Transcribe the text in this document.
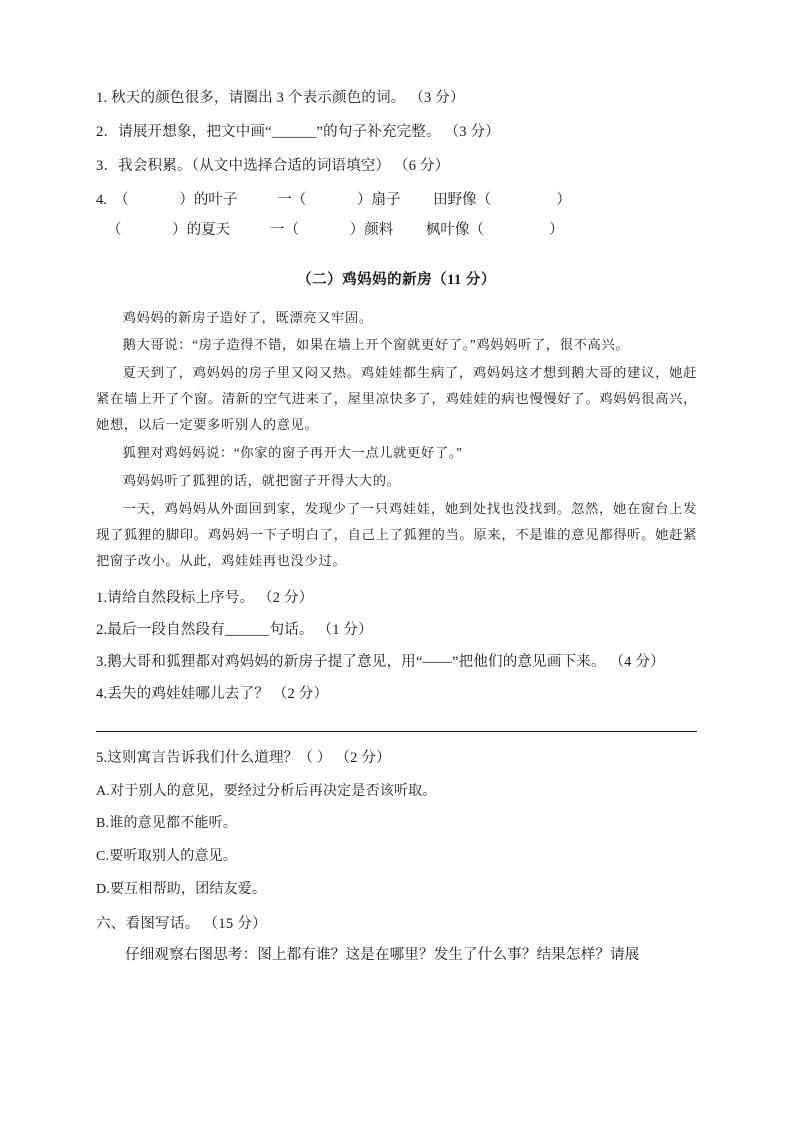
1. 秋天的颜色很多，请圈出 3 个表示颜色的词。 （3 分）

2．请展开想象，把文中画“______”的句子补充完整。 （3 分）

3．我会积累。（从文中选择合适的词语填空） （6 分）

4.  （              ）的叶子           一（              ）扇子         田野像（                  ）

（              ）的夏天           一（              ）颜料         枫叶像（                  ）

（二）鸡妈妈的新房（11 分）

鸡妈妈的新房子造好了，既漂亮又牢固。

鹅大哥说：“房子造得不错，如果在墙上开个窗就更好了。”鸡妈妈听了，很不高兴。

夏天到了，鸡妈妈的房子里又闷又热。鸡娃娃都生病了，鸡妈妈这才想到鹅大哥的建议，她赶紧在墙上开了个窗。清新的空气进来了，屋里凉快多了，鸡娃娃的病也慢慢好了。鸡妈妈很高兴，她想，以后一定要多听别人的意见。

狐狸对鸡妈妈说：“你家的窗子再开大一点儿就更好了。”

鸡妈妈听了狐狸的话，就把窗子开得大大的。

一天，鸡妈妈从外面回到家，发现少了一只鸡娃娃，她到处找也没找到。忽然，她在窗台上发现了狐狸的脚印。鸡妈妈一下子明白了，自己上了狐狸的当。原来，不是谁的意见都得听。她赶紧把窗子改小。从此，鸡娃娃再也没少过。

1.请给自然段标上序号。 （2 分）

2.最后一段自然段有______句话。 （1 分）

3.鹅大哥和狐狸都对鸡妈妈的新房子提了意见，用“——”把他们的意见画下来。 （4 分）

4.丢失的鸡娃娃哪儿去了？ （2 分）

5.这则寓言告诉我们什么道理？（ ） （2 分）

A.对于别人的意见，要经过分析后再决定是否该听取。

B.谁的意见都不能听。

C.要听取别人的意见。

D.要互相帮助，团结友爱。

六、看图写话。 （15 分）

仔细观察右图思考：图上都有谁？这是在哪里？发生了什么事？结果怎样？请展
